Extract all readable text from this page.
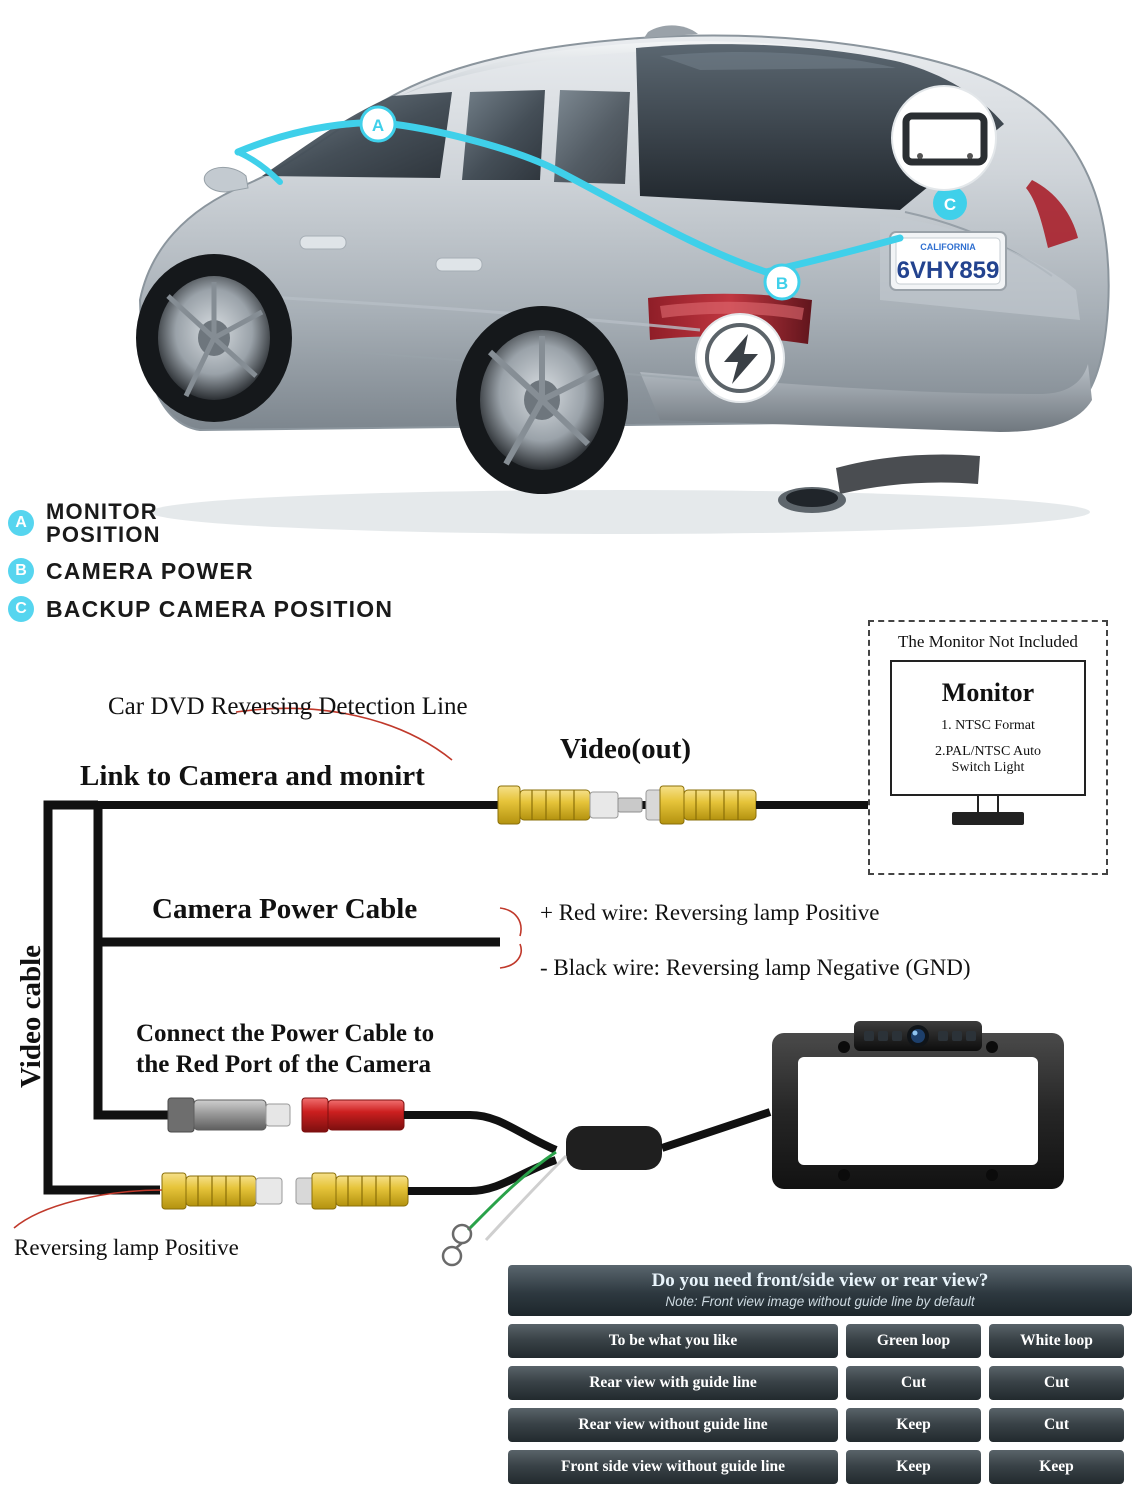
CALIFORNIA
6VHY859
A
B
C
A MONITOR
POSITION
B CAMERA POWER
C BACKUP CAMERA POSITION
Car DVD Reversing Detection Line
Video(out)
Link to Camera and monirt
Camera Power Cable	+ Red wire: Reversing lamp Positive
- Black wire: Reversing lamp Negative (GND)
Connect the Power Cable to
the Red Port of the Camera
Reversing lamp Positive
Video cable
The Monitor Not Included
Monitor
1. NTSC Format
2.PAL/NTSC Auto
Switch Light
Do you need front/side view or rear view?
Note: Front view image without guide line by default
To be what you like	Green loop	White loop
Rear view with guide line	Cut	Cut
Rear view without guide line	Keep	Cut
Front side view without guide line	Keep	Keep
